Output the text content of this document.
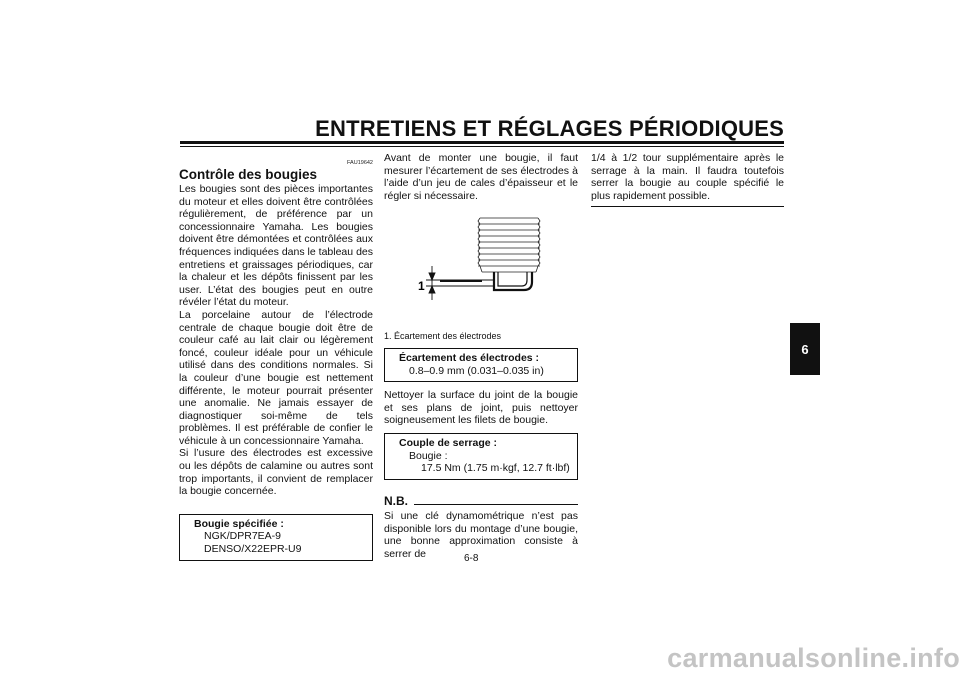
ENTRETIENS ET RÉGLAGES PÉRIODIQUES
6

FAU19642

Contrôle des bougies

Les bougies sont des pièces importantes du moteur et elles doivent être contrôlées régulièrement, de préférence par un concessionnaire Yamaha. Les bougies doivent être démontées et contrôlées aux fréquences indiquées dans le tableau des entretiens et graissages périodiques, car la chaleur et les dépôts finissent par les user. L’état des bougies peut en outre révéler l’état du moteur.

La porcelaine autour de l’électrode centrale de chaque bougie doit être de couleur café au lait clair ou légèrement foncé, couleur idéale pour un véhicule utilisé dans des conditions normales. Si la couleur d’une bougie est nettement différente, le moteur pourrait présenter une anomalie. Ne jamais essayer de diagnostiquer soi-même de tels problèmes. Il est préférable de confier le véhicule à un concessionnaire Yamaha.

Si l’usure des électrodes est excessive ou les dépôts de calamine ou autres sont trop importants, il convient de remplacer la bougie concernée.

Bougie spécifiée :
NGK/DPR7EA-9
DENSO/X22EPR-U9

Avant de monter une bougie, il faut mesurer l’écartement de ses électrodes à l’aide d’un jeu de cales d’épaisseur et le régler si nécessaire.

1
1. Écartement des électrodes
Écartement des électrodes :
0.8–0.9 mm (0.031–0.035 in)

Nettoyer la surface du joint de la bougie et ses plans de joint, puis nettoyer soigneusement les filets de bougie.

Couple de serrage :
Bougie :
17.5 Nm (1.75 m·kgf, 12.7 ft·lbf)
N.B.

Si une clé dynamométrique n’est pas disponible lors du montage d’une bougie, une bonne approximation consiste à serrer de

1/4 à 1/2 tour supplémentaire après le serrage à la main. Il faudra toutefois serrer la bougie au couple spécifié le plus rapidement possible.

6-8
carmanualsonline.info
